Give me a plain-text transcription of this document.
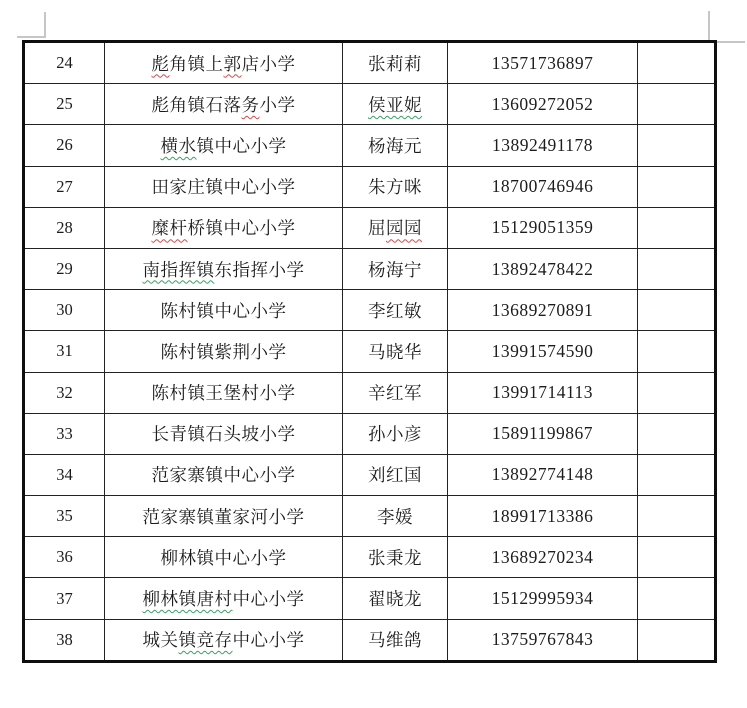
24	彪角镇上郭店小学	张莉莉	13571736897	
25	彪角镇石落务小学	侯亚妮	13609272052	
26	横水镇中心小学	杨海元	13892491178	
27	田家庄镇中心小学	朱方咪	18700746946	
28	糜杆桥镇中心小学	屈园园	15129051359	
29	南指挥镇东指挥小学	杨海宁	13892478422	
30	陈村镇中心小学	李红敏	13689270891	
31	陈村镇紫荆小学	马晓华	13991574590	
32	陈村镇王堡村小学	辛红军	13991714113	
33	长青镇石头坡小学	孙小彦	15891199867	
34	范家寨镇中心小学	刘红国	13892774148	
35	范家寨镇董家河小学	李媛	18991713386	
36	柳林镇中心小学	张秉龙	13689270234	
37	柳林镇唐村中心小学	翟晓龙	15129995934	
38	城关镇竞存中心小学	马维鸽	13759767843	
